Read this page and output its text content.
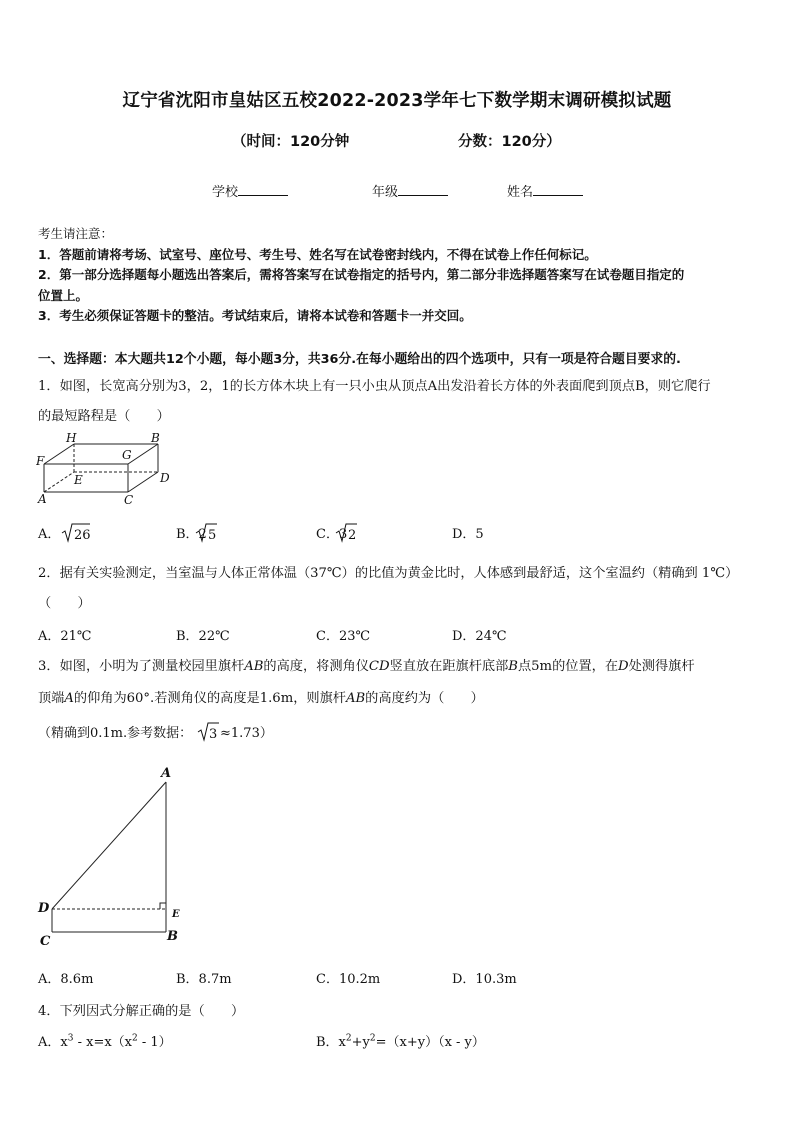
辽宁省沈阳市皇姑区五校2022-2023学年七下数学期末调研模拟试题
（时间：120分钟	分数：120分）
学校	年级	姓名
考生请注意：
1．答题前请将考场、试室号、座位号、考生号、姓名写在试卷密封线内，不得在试卷上作任何标记。
2．第一部分选择题每小题选出答案后，需将答案写在试卷指定的括号内，第二部分非选择题答案写在试卷题目指定的
位置上。
3．考生必须保证答题卡的整洁。考试结束后，请将本试卷和答题卡一并交回。
一、选择题：本大题共12个小题，每小题3分，共36分.在每小题给出的四个选项中，只有一项是符合题目要求的.
1．如图，长宽高分别为3，2，1的长方体木块上有一只小虫从顶点A出发沿着长方体的外表面爬到顶点B，则它爬行
的最短路程是（　　）
H	B
F	G
E	D
A	C
A．	B．2	C．3	D．5
26	5	2
2．据有关实验测定，当室温与人体正常体温（37℃）的比值为黄金比时，人体感到最舒适，这个室温约（精确到 1℃）
（　　）
A．21℃	B．22℃	C．23℃	D．24℃
3．如图，小明为了测量校园里旗杆AB的高度，将测角仪CD竖直放在距旗杆底部B点5m的位置，在D处测得旗杆
顶端A的仰角为60°.若测角仪的高度是1.6m，则旗杆AB的高度约为（　　）
（精确到0.1m.参考数据： 3 ≈1.73）
A
D	E
C	B
A．8.6m	B．8.7m	C．10.2m	D．10.3m
4．下列因式分解正确的是（　　）
A．$x^3 - x=x(x^2 - 1)$	B．$x^2+y^2=(x+y)(x - y)$
